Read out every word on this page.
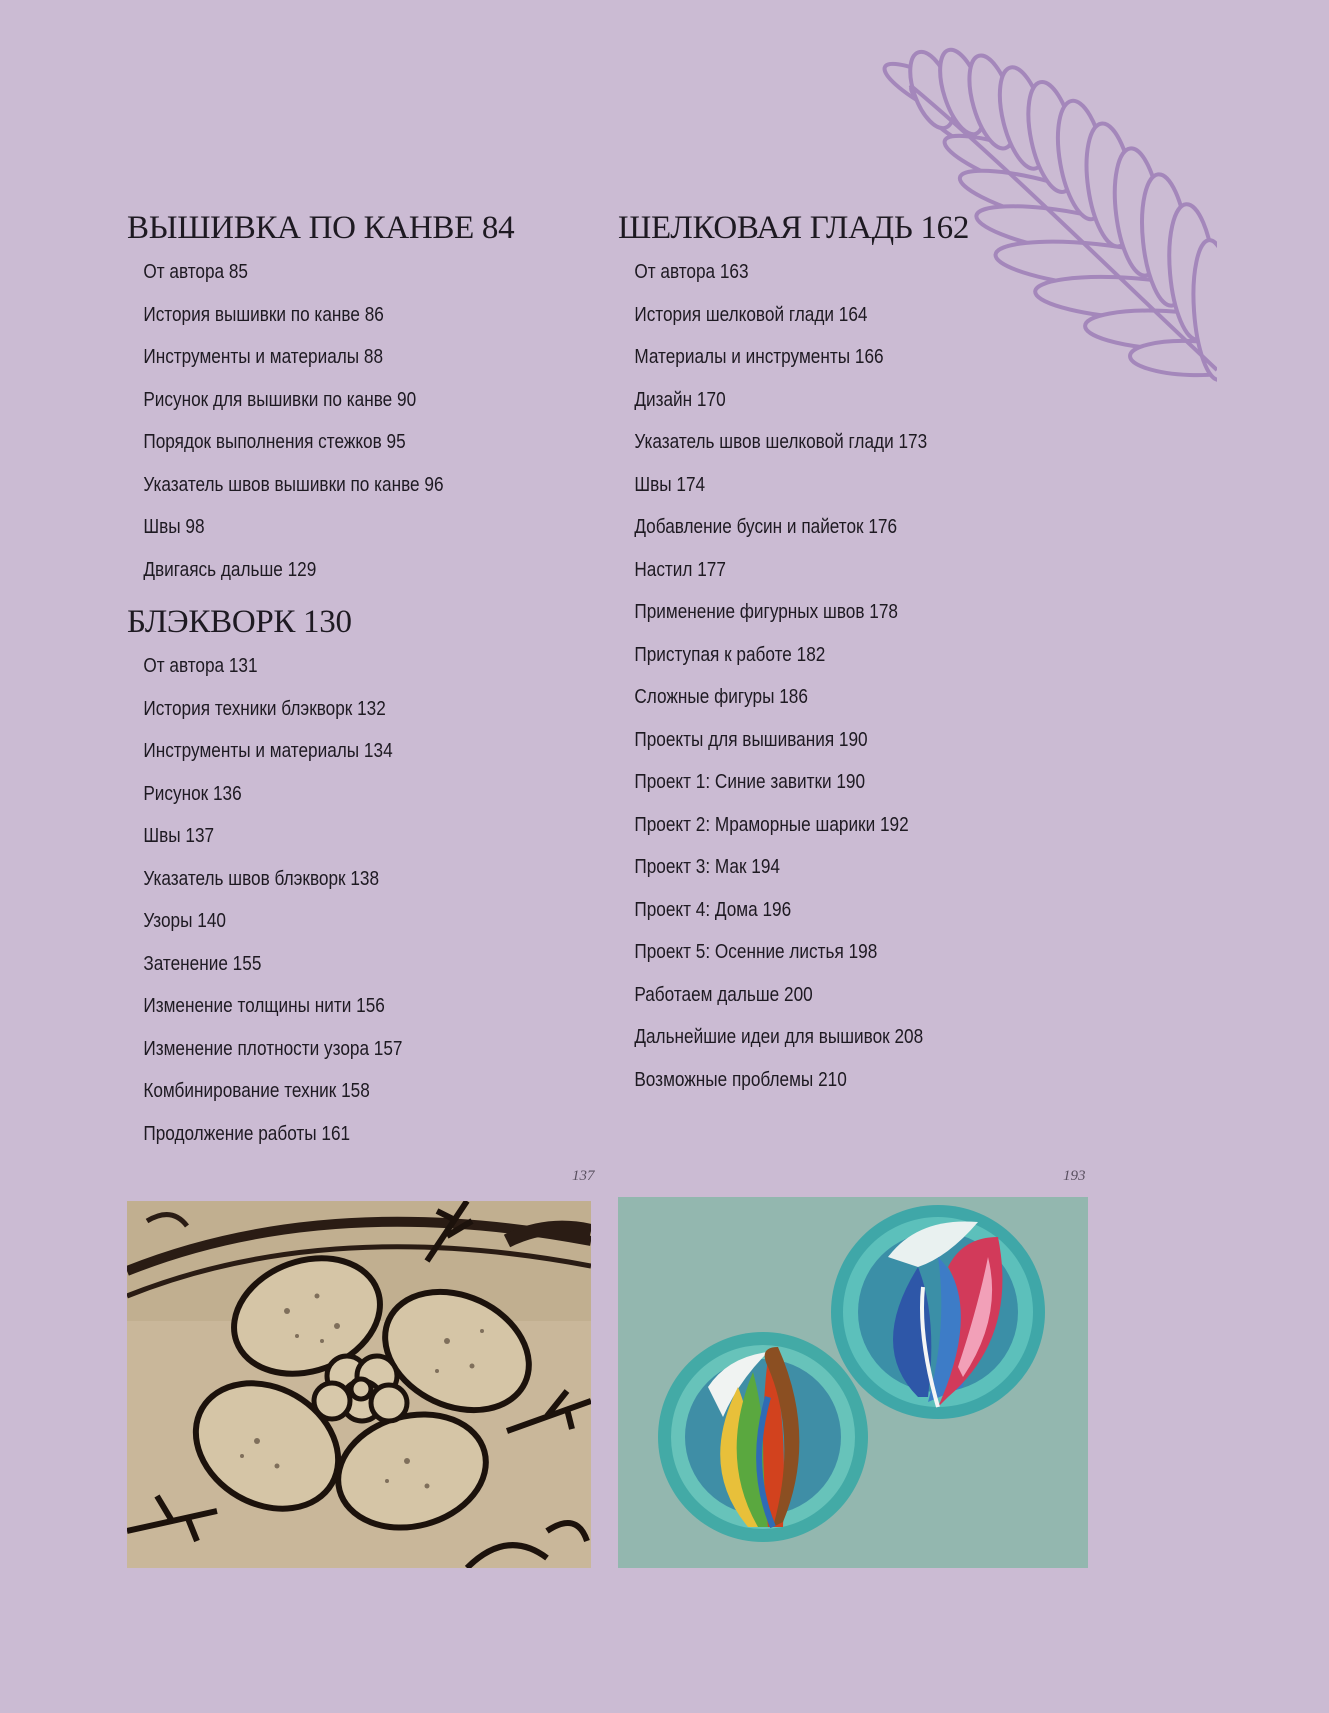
ВЫШИВКА ПО КАНВЕ 84
От автора 85
История вышивки по канве 86
Инструменты и материалы 88
Рисунок для вышивки по канве 90
Порядок выполнения стежков 95
Указатель швов вышивки по канве 96
Швы 98
Двигаясь дальше 129
БЛЭКВОРК 130
От автора 131
История техники блэкворк 132
Инструменты и материалы 134
Рисунок 136
Швы 137
Указатель швов блэкворк 138
Узоры 140
Затенение 155
Изменение толщины нити 156
Изменение плотности узора 157
Комбинирование техник 158
Продолжение работы 161
ШЕЛКОВАЯ ГЛАДЬ 162
От автора 163
История шелковой глади 164
Материалы и инструменты 166
Дизайн 170
Указатель швов шелковой глади 173
Швы 174
Добавление бусин и пайеток 176
Настил 177
Применение фигурных швов 178
Приступая к работе 182
Сложные фигуры 186
Проекты для вышивания 190
Проект 1: Синие завитки 190
Проект 2: Мраморные шарики 192
Проект 3: Мак 194
Проект 4: Дома 196
Проект 5: Осенние листья 198
Работаем дальше 200
Дальнейшие идеи для вышивок 208
Возможные проблемы 210
137	193
